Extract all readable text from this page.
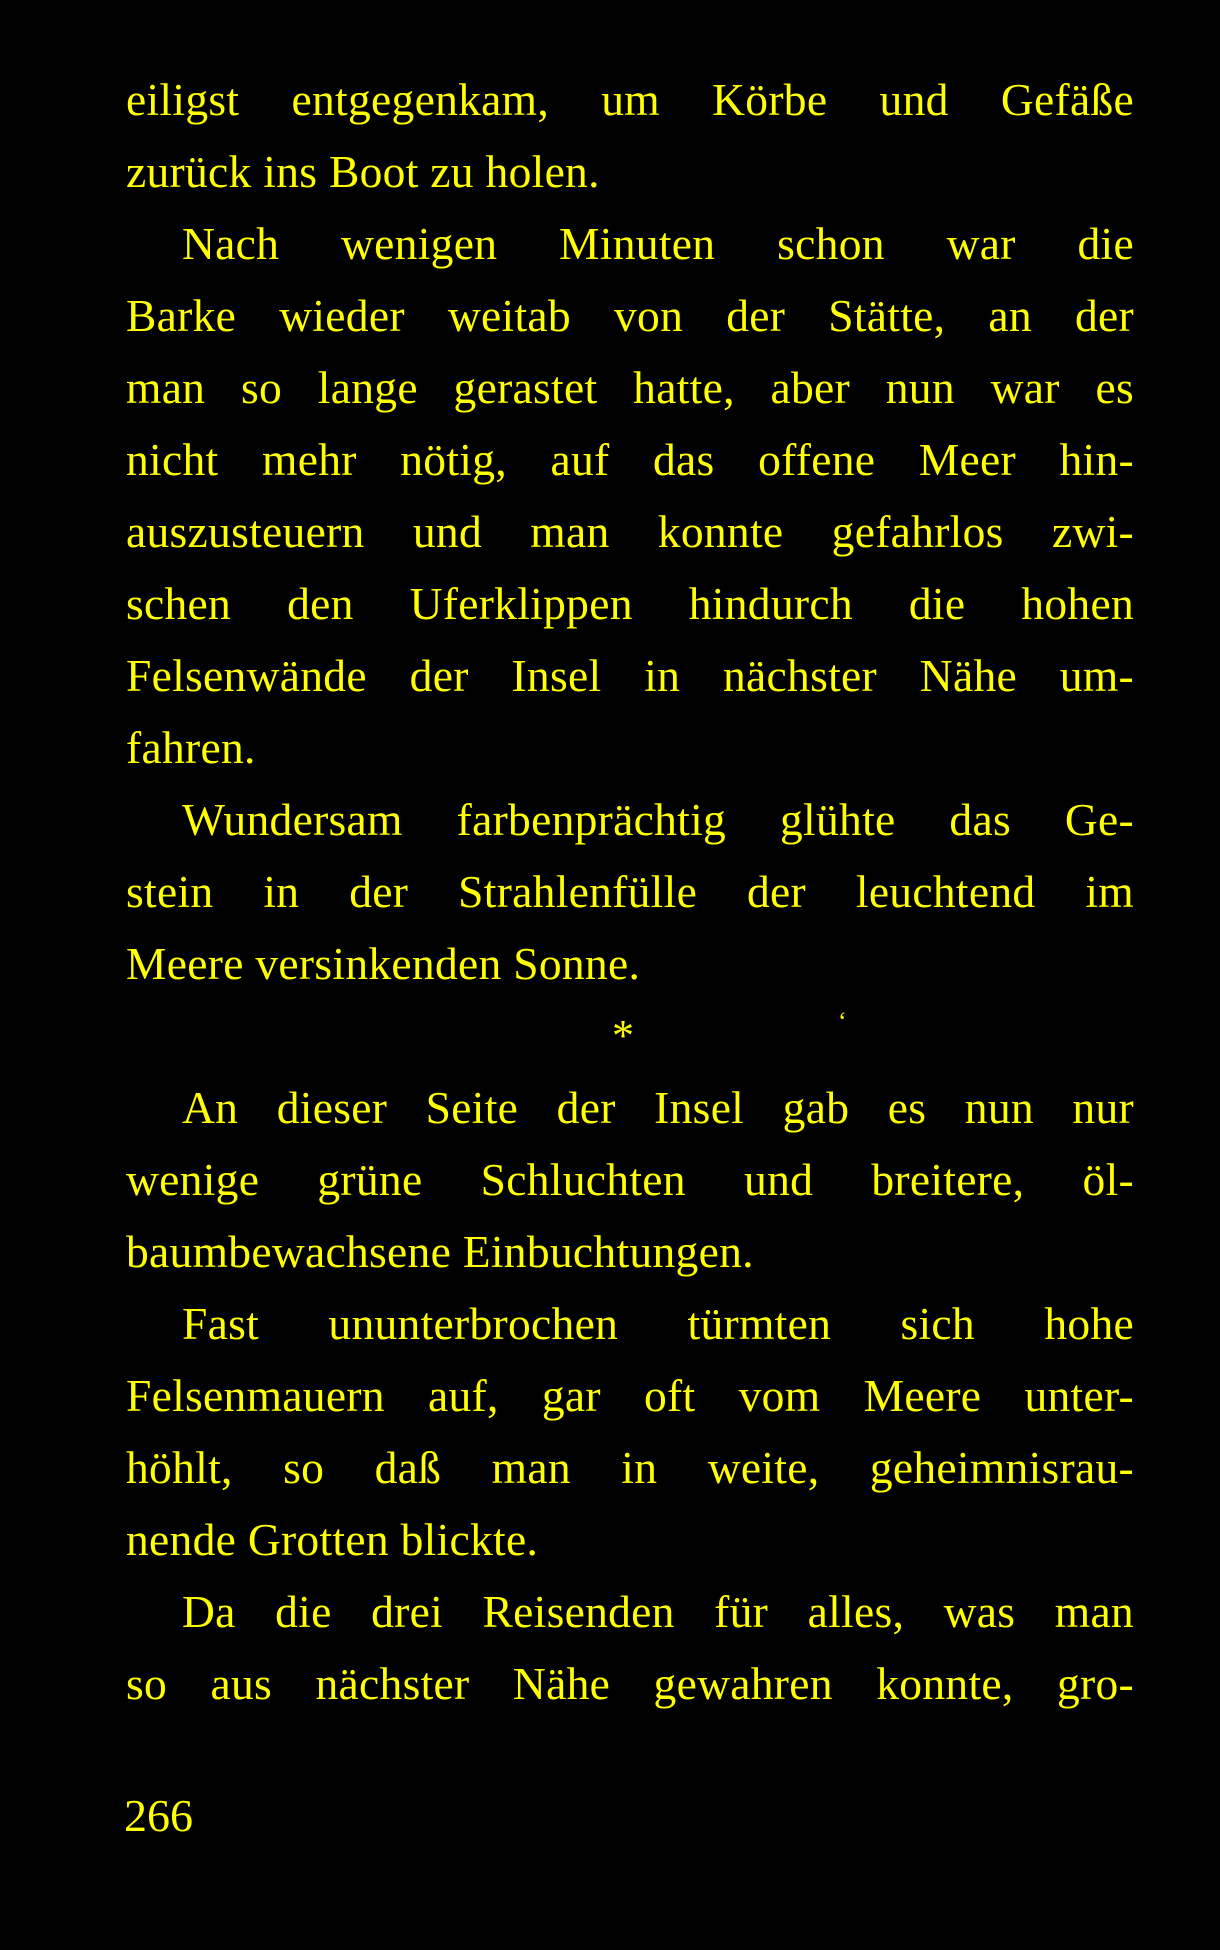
eiligst entgegenkam, um Körbe und Gefäße
zurück ins Boot zu holen.

Nach wenigen Minuten schon war die
Barke wieder weitab von der Stätte, an der
man so lange gerastet hatte, aber nun war es
nicht mehr nötig, auf das offene Meer hin-
auszusteuern und man konnte gefahrlos zwi-
schen den Uferklippen hindurch die hohen
Felsenwände der Insel in nächster Nähe um-
fahren.

Wundersam farbenprächtig glühte das Ge-
stein in der Strahlenfülle der leuchtend im
Meere versinkenden Sonne.

*	‘

An dieser Seite der Insel gab es nun nur
wenige grüne Schluchten und breitere, öl-
baumbewachsene Einbuchtungen.

Fast ununterbrochen türmten sich hohe
Felsenmauern auf, gar oft vom Meere unter-
höhlt, so daß man in weite, geheimnisrau-
nende Grotten blickte.

Da die drei Reisenden für alles, was man
so aus nächster Nähe gewahren konnte, gro-

266
